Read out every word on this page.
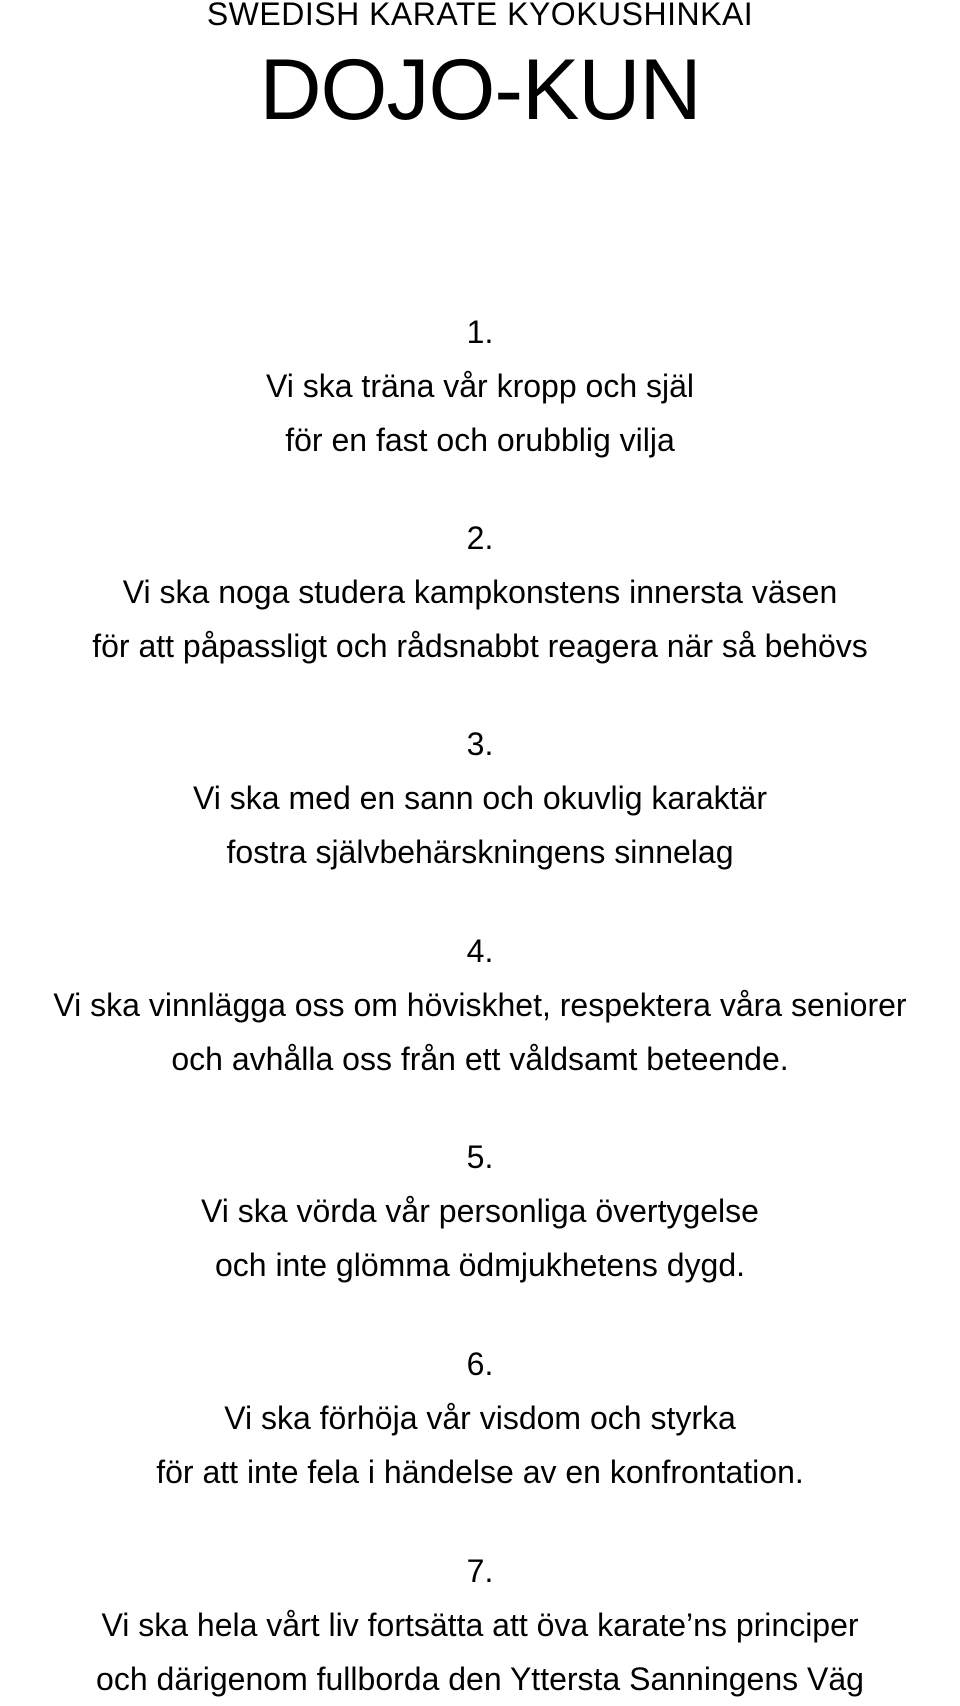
SWEDISH KARATE KYOKUSHINKAI
DOJO-KUN
1.
Vi ska träna vår kropp och själ
för en fast och orubblig vilja
2.
Vi ska noga studera kampkonstens innersta väsen
för att påpassligt och rådsnabbt reagera när så behövs
3.
Vi ska med en sann och okuvlig karaktär
fostra självbehärskningens sinnelag
4.
Vi ska vinnlägga oss om höviskhet, respektera våra seniorer
och avhålla oss från ett våldsamt beteende.
5.
Vi ska vörda vår personliga övertygelse
och inte glömma ödmjukhetens dygd.
6.
Vi ska förhöja vår visdom och styrka
för att inte fela i händelse av en konfrontation.
7.
Vi ska hela vårt liv fortsätta att öva karate’ns principer
och därigenom fullborda den Yttersta Sanningens Väg
